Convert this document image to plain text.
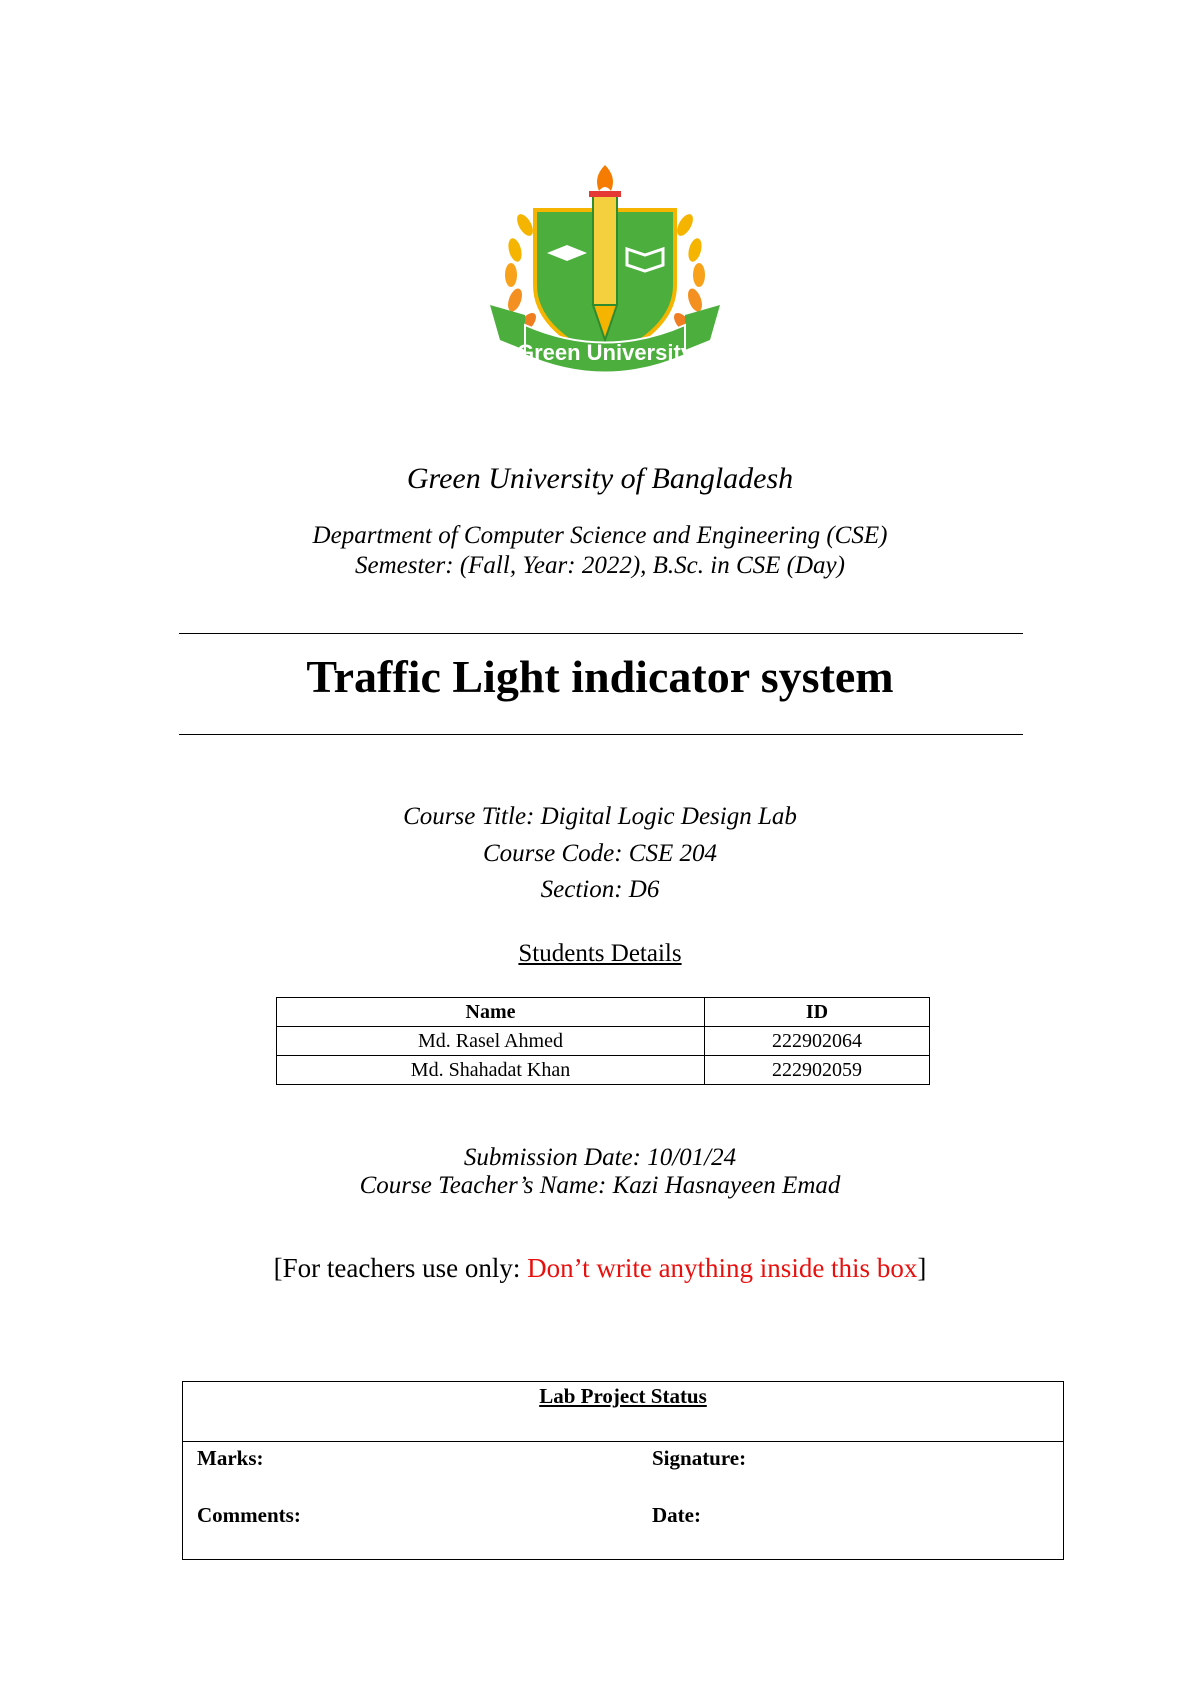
Green University
Green University of Bangladesh
Department of Computer Science and Engineering (CSE)
Semester: (Fall, Year: 2022), B.Sc. in CSE (Day)
Traffic Light indicator system
Course Title: Digital Logic Design Lab
Course Code: CSE 204
Section: D6
Students Details
Name	ID
Md. Rasel Ahmed	222902064
Md. Shahadat Khan	222902059
Submission Date: 10/01/24
Course Teacher’s Name: Kazi Hasnayeen Emad
[For teachers use only: Don’t write anything inside this box]
Lab Project Status
Marks:	Signature:
Comments:	Date:
